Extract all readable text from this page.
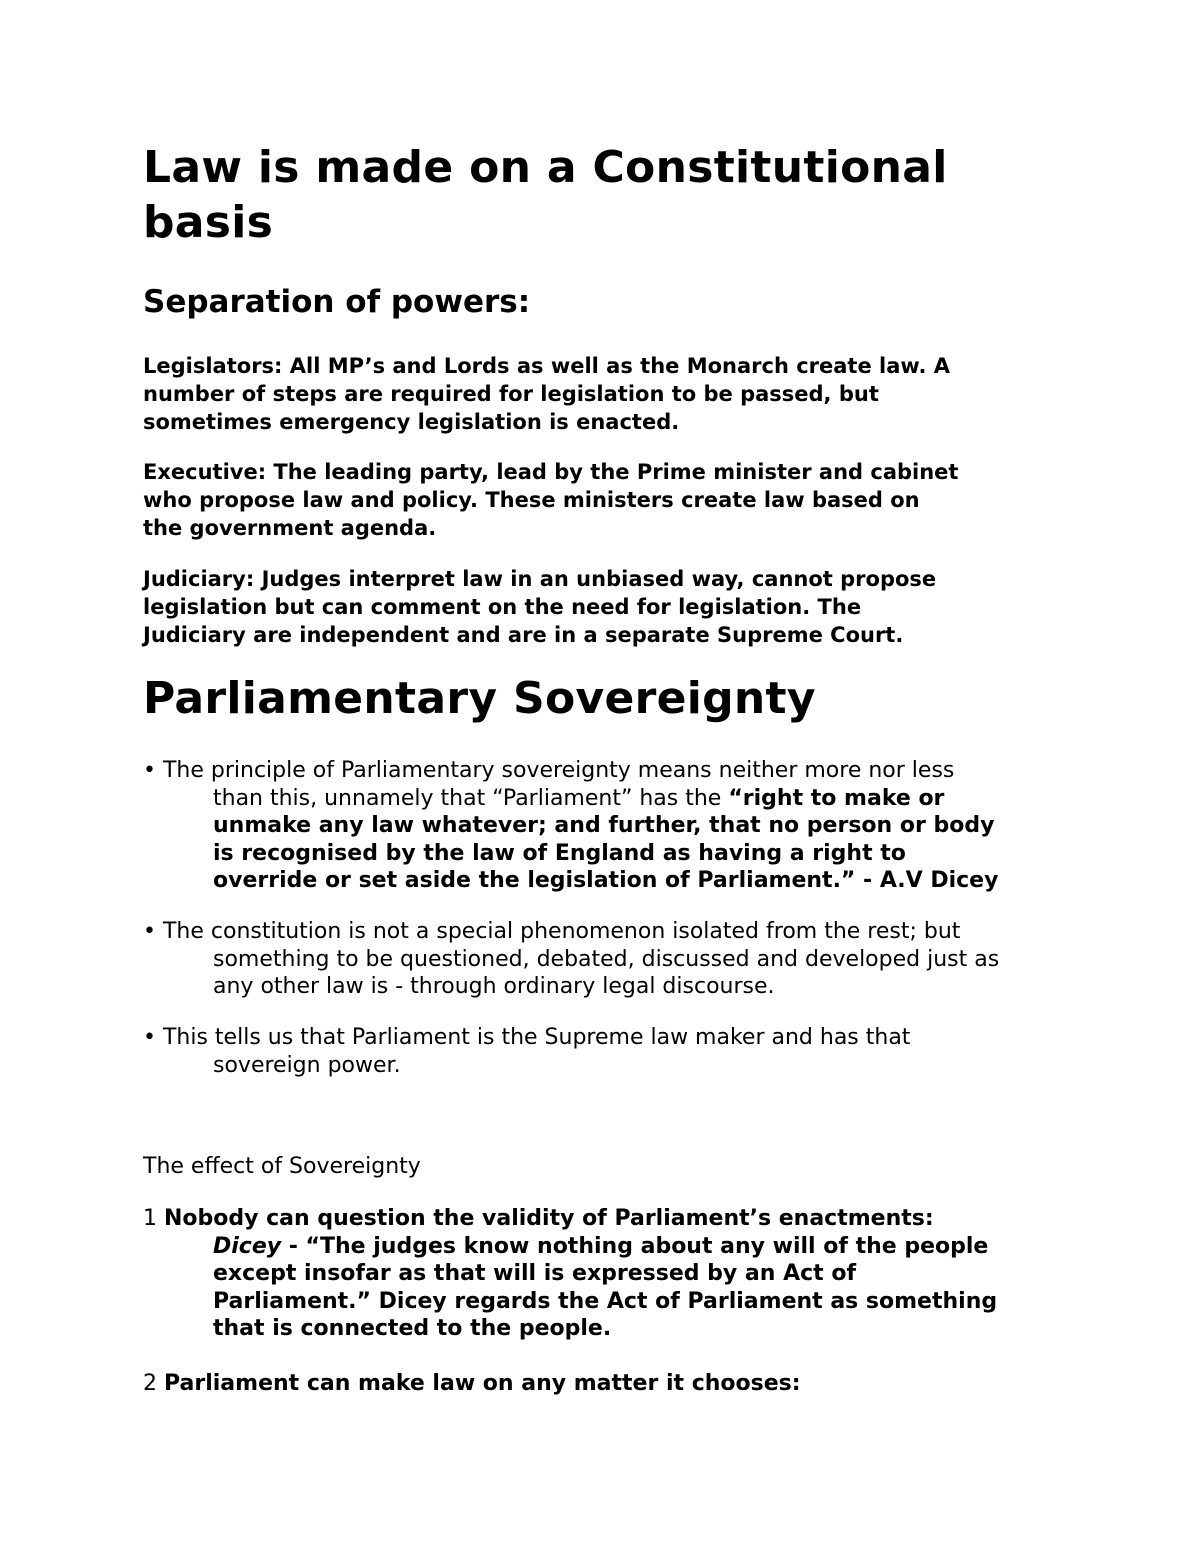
Law is made on a Constitutional
basis
Separation of powers:
Legislators: All MP’s and Lords as well as the Monarch create law. A
number of steps are required for legislation to be passed, but
sometimes emergency legislation is enacted.
Executive: The leading party, lead by the Prime minister and cabinet
who propose law and policy. These ministers create law based on
the government agenda.
Judiciary: Judges interpret law in an unbiased way, cannot propose
legislation but can comment on the need for legislation. The
Judiciary are independent and are in a separate Supreme Court.
Parliamentary Sovereignty
• The principle of Parliamentary sovereignty means neither more nor less
than this, unnamely that “Parliament” has the “right to make or
unmake any law whatever; and further, that no person or body
is recognised by the law of England as having a right to
override or set aside the legislation of Parliament.” - A.V Dicey
• The constitution is not a special phenomenon isolated from the rest; but
something to be questioned, debated, discussed and developed just as
any other law is - through ordinary legal discourse.
• This tells us that Parliament is the Supreme law maker and has that
sovereign power.
The effect of Sovereignty
1 Nobody can question the validity of Parliament’s enactments:
Dicey - “The judges know nothing about any will of the people
except insofar as that will is expressed by an Act of
Parliament.” Dicey regards the Act of Parliament as something
that is connected to the people.
2 Parliament can make law on any matter it chooses:
